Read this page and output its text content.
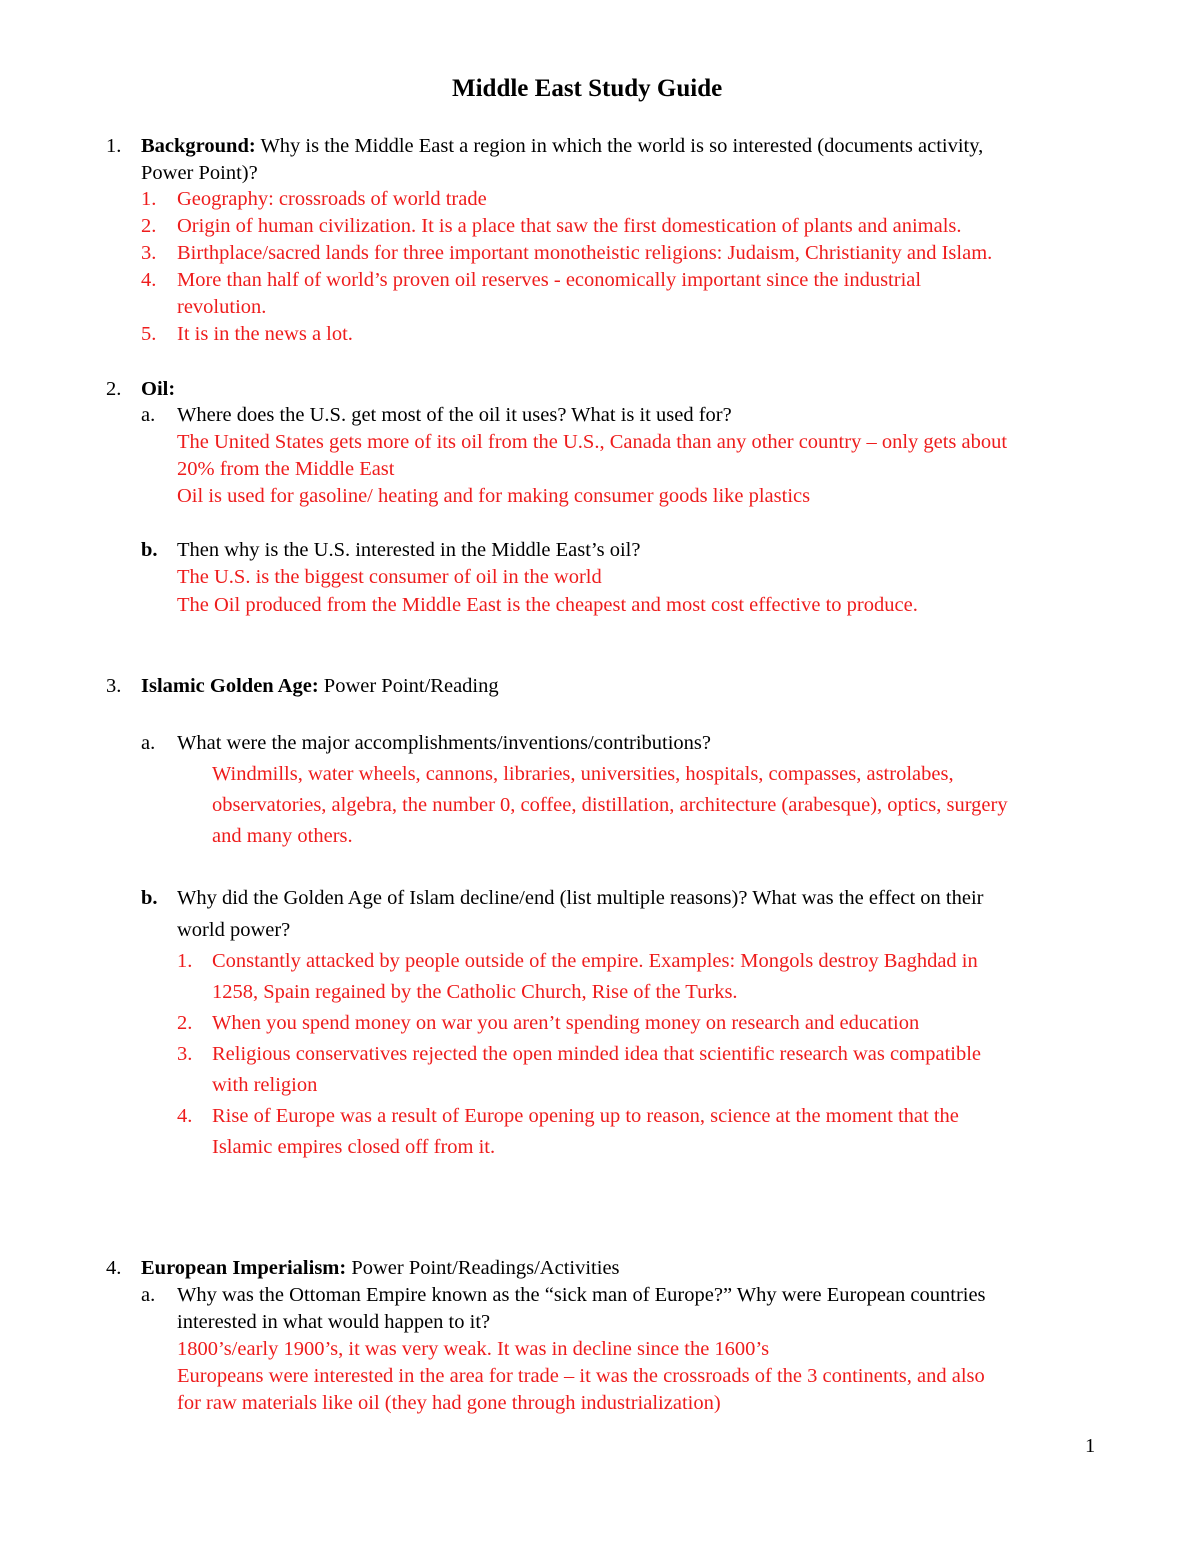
Middle East Study Guide
1. Background: Why is the Middle East a region in which the world is so interested (documents activity,
Power Point)?
1. Geography: crossroads of world trade
2. Origin of human civilization. It is a place that saw the first domestication of plants and animals.
3. Birthplace/sacred lands for three important monotheistic religions: Judaism, Christianity and Islam.
4. More than half of world’s proven oil reserves - economically important since the industrial
revolution.
5. It is in the news a lot.
2. Oil:
a. Where does the U.S. get most of the oil it uses? What is it used for?
The United States gets more of its oil from the U.S., Canada than any other country – only gets about
20% from the Middle East
Oil is used for gasoline/ heating and for making consumer goods like plastics
b. Then why is the U.S. interested in the Middle East’s oil?
The U.S. is the biggest consumer of oil in the world
The Oil produced from the Middle East is the cheapest and most cost effective to produce.
3. Islamic Golden Age: Power Point/Reading
a. What were the major accomplishments/inventions/contributions?
Windmills, water wheels, cannons, libraries, universities, hospitals, compasses, astrolabes,
observatories, algebra, the number 0, coffee, distillation, architecture (arabesque), optics, surgery
and many others.
b. Why did the Golden Age of Islam decline/end (list multiple reasons)? What was the effect on their
world power?
1. Constantly attacked by people outside of the empire. Examples: Mongols destroy Baghdad in
1258, Spain regained by the Catholic Church, Rise of the Turks.
2. When you spend money on war you aren’t spending money on research and education
3. Religious conservatives rejected the open minded idea that scientific research was compatible
with religion
4. Rise of Europe was a result of Europe opening up to reason, science at the moment that the
Islamic empires closed off from it.
4. European Imperialism: Power Point/Readings/Activities
a. Why was the Ottoman Empire known as the “sick man of Europe?” Why were European countries
interested in what would happen to it?
1800’s/early 1900’s, it was very weak. It was in decline since the 1600’s
Europeans were interested in the area for trade – it was the crossroads of the 3 continents, and also
for raw materials like oil (they had gone through industrialization)
1
